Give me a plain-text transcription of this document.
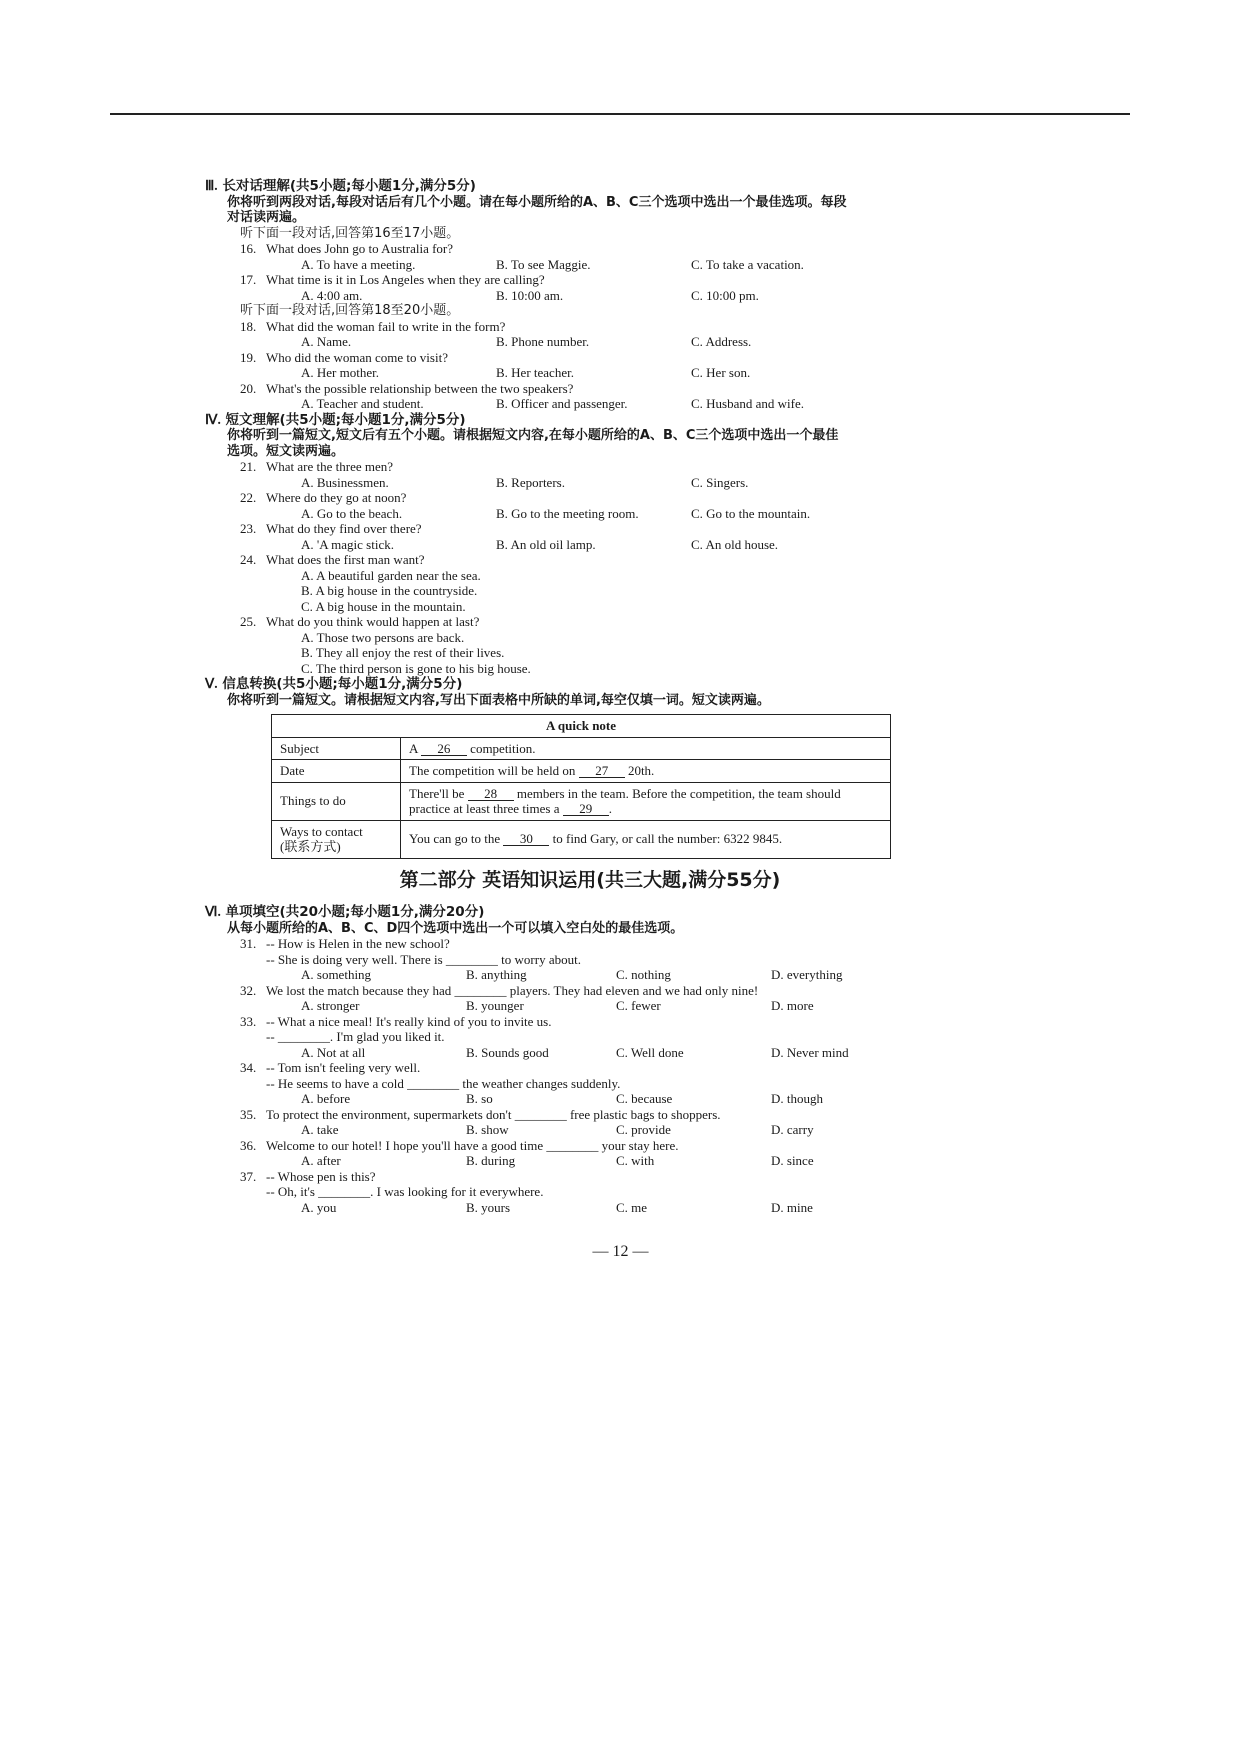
Ⅲ. 长对话理解(共5小题;每小题1分,满分5分)
你将听到两段对话,每段对话后有几个小题。请在每小题所给的A、B、C三个选项中选出一个最佳选项。每段
对话读两遍。
听下面一段对话,回答第16至17小题。
16. What does John go to Australia for?
A. To have a meeting.	B. To see Maggie.	C. To take a vacation.
17. What time is it in Los Angeles when they are calling?
A. 4:00 am.	B. 10:00 am.	C. 10:00 pm.
听下面一段对话,回答第18至20小题。
18. What did the woman fail to write in the form?
A. Name.	B. Phone number.	C. Address.
19. Who did the woman come to visit?
A. Her mother.	B. Her teacher.	C. Her son.
20. What's the possible relationship between the two speakers?
A. Teacher and student.	B. Officer and passenger.	C. Husband and wife.
Ⅳ. 短文理解(共5小题;每小题1分,满分5分)
你将听到一篇短文,短文后有五个小题。请根据短文内容,在每小题所给的A、B、C三个选项中选出一个最佳
选项。短文读两遍。
21. What are the three men?
A. Businessmen.	B. Reporters.	C. Singers.
22. Where do they go at noon?
A. Go to the beach.	B. Go to the meeting room.	C. Go to the mountain.
23. What do they find over there?
A. 'A magic stick.	B. An old oil lamp.	C. An old house.
24. What does the first man want?
A. A beautiful garden near the sea.
B. A big house in the countryside.
C. A big house in the mountain.
25. What do you think would happen at last?
A. Those two persons are back.
B. They all enjoy the rest of their lives.
C. The third person is gone to his big house.
Ⅴ. 信息转换(共5小题;每小题1分,满分5分)
你将听到一篇短文。请根据短文内容,写出下面表格中所缺的单词,每空仅填一词。短文读两遍。
A quick note	
Subject	A 26 competition.
Date	The competition will be held on 27 20th.
Things to do	There'll be 28 members in the team. Before the competition, the team should practice at least three times a 29 .

Ways to contact
(联系方式)	You can go to the 30 to find Gary, or call the number: 6322 9845.
第二部分 英语知识运用(共三大题,满分55分)
Ⅵ. 单项填空(共20小题;每小题1分,满分20分)
从每小题所给的A、B、C、D四个选项中选出一个可以填入空白处的最佳选项。
31. -- How is Helen in the new school?
-- She is doing very well. There is ________ to worry about.
A. something	B. anything	C. nothing	D. everything
32. We lost the match because they had ________ players. They had eleven and we had only nine!
A. stronger	B. younger	C. fewer	D. more
33. -- What a nice meal! It's really kind of you to invite us.
-- ________. I'm glad you liked it.
A. Not at all	B. Sounds good	C. Well done	D. Never mind
34. -- Tom isn't feeling very well.
-- He seems to have a cold ________ the weather changes suddenly.
A. before	B. so	C. because	D. though
35. To protect the environment, supermarkets don't ________ free plastic bags to shoppers.
A. take	B. show	C. provide	D. carry
36. Welcome to our hotel! I hope you'll have a good time ________ your stay here.
A. after	B. during	C. with	D. since
37. -- Whose pen is this?
-- Oh, it's ________. I was looking for it everywhere.
A. you	B. yours	C. me	D. mine
— 12 —
